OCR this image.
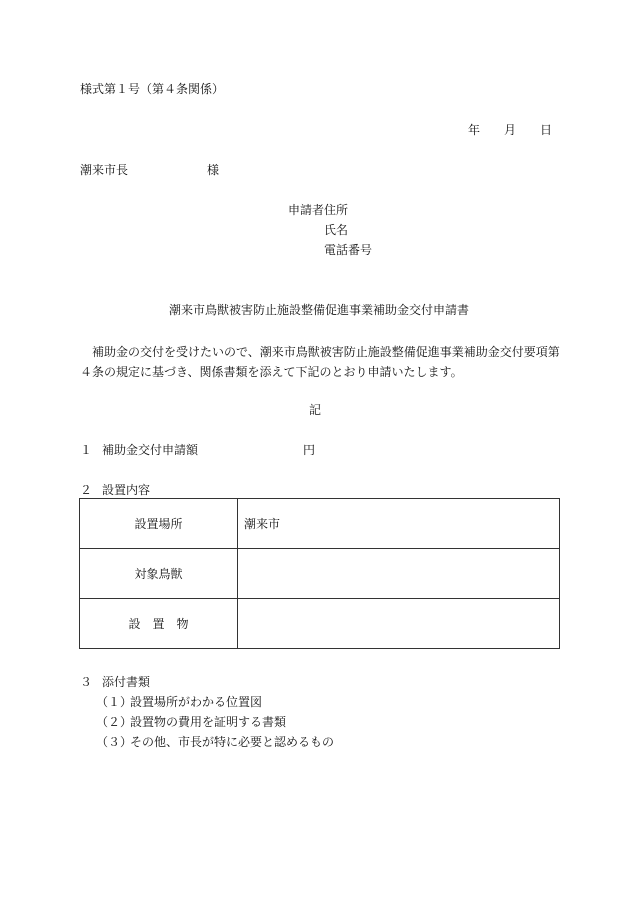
様式第１号（第４条関係）
年 月 日
潮来市長	様
申請者住所
氏名
電話番号
潮来市鳥獣被害防止施設整備促進事業補助金交付申請書
補助金の交付を受けたいので、潮来市鳥獣被害防止施設整備促進事業補助金交付要項第４条の規定に基づき、関係書類を添えて下記のとおり申請いたします。
記
１ 補助金交付申請額	円
２ 設置内容
設置場所	潮来市
対象鳥獣	
設　置　物	
３ 添付書類
（１）設置場所がわかる位置図
（２）設置物の費用を証明する書類
（３）その他、市長が特に必要と認めるもの
